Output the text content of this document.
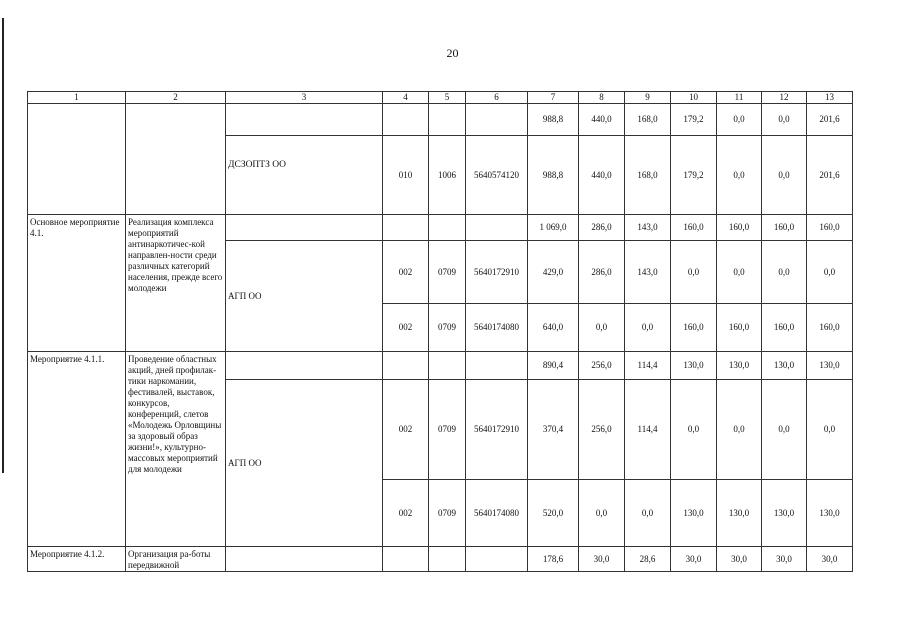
20
1	2	3	4	5	6	7	8	9	10	11	12	13
						988,8	440,0	168,0	179,2	0,0	0,0	201,6
		ДСЗОПТЗ ОО	010	1006	5640574120	988,8	440,0	168,0	179,2	0,0	0,0	201,6
Основное мероприятие 4.1.	Реализация комплекса мероприятий антинаркотичес-кой направлен-ности среди различных категорий населения, прежде всего молодежи					1 069,0	286,0	143,0	160,0	160,0	160,0	160,0
		АГП ОО	002	0709	5640172910	429,0	286,0	143,0	0,0	0,0	0,0	0,0
			002	0709	5640174080	640,0	0,0	0,0	160,0	160,0	160,0	160,0
Мероприятие 4.1.1.	Проведение областных акций, дней профилак-тики наркомании, фестивалей, выставок, конкурсов, конференций, слетов «Молодежь Орловщины за здоровый образ жизни!», культурно-массовых мероприятий для молодежи					890,4	256,0	114,4	130,0	130,0	130,0	130,0
		АГП ОО	002	0709	5640172910	370,4	256,0	114,4	0,0	0,0	0,0	0,0
			002	0709	5640174080	520,0	0,0	0,0	130,0	130,0	130,0	130,0
Мероприятие 4.1.2.	Организация ра-боты передвижной					178,6	30,0	28,6	30,0	30,0	30,0	30,0
